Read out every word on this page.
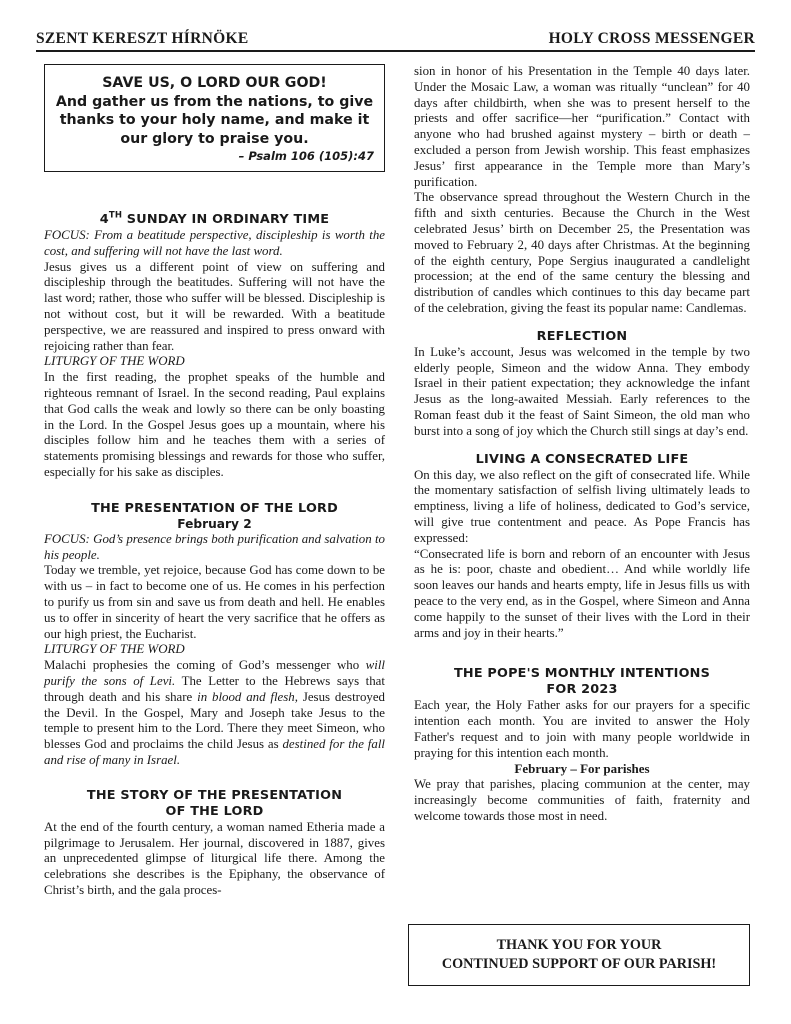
SZENT KERESZT HÍRNÖKE	HOLY CROSS MESSENGER
SAVE US, O LORD OUR GOD!
And gather us from the nations, to give thanks to your holy name, and make it our glory to praise you.
– Psalm 106 (105):47
4TH SUNDAY IN ORDINARY TIME

FOCUS: From a beatitude perspective, discipleship is worth the cost, and suffering will not have the last word.

Jesus gives us a different point of view on suffering and discipleship through the beatitudes. Suffering will not have the last word; rather, those who suffer will be blessed. Discipleship is not without cost, but it will be rewarded. With a beatitude perspective, we are reassured and inspired to press onward with rejoicing rather than fear.

LITURGY OF THE WORD

In the first reading, the prophet speaks of the humble and righteous remnant of Israel. In the second reading, Paul explains that God calls the weak and lowly so there can be only boasting in the Lord. In the Gospel Jesus goes up a mountain, where his disciples follow him and he teaches them with a series of statements promising blessings and rewards for those who suffer, especially for his sake as disciples.

THE PRESENTATION OF THE LORD
February 2

FOCUS: God’s presence brings both purification and salvation to his people.

Today we tremble, yet rejoice, because God has come down to be with us – in fact to become one of us. He comes in his perfection to purify us from sin and save us from death and hell. He enables us to offer in sincerity of heart the very sacrifice that he offers as our high priest, the Eucharist.

LITURGY OF THE WORD

Malachi prophesies the coming of God’s messenger who will purify the sons of Levi. The Letter to the Hebrews says that through death and his share in blood and flesh, Jesus destroyed the Devil. In the Gospel, Mary and Joseph take Jesus to the temple to present him to the Lord. There they meet Simeon, who blesses God and proclaims the child Jesus as destined for the fall and rise of many in Israel.

THE STORY OF THE PRESENTATION
OF THE LORD

At the end of the fourth century, a woman named Etheria made a pilgrimage to Jerusalem. Her journal, discovered in 1887, gives an unprecedented glimpse of liturgical life there. Among the celebrations she describes is the Epiphany, the observance of Christ’s birth, and the gala proces-

sion in honor of his Presentation in the Temple 40 days later. Under the Mosaic Law, a woman was ritually “unclean” for 40 days after childbirth, when she was to present herself to the priests and offer sacrifice—her “purification.” Contact with anyone who had brushed against mystery – birth or death – excluded a person from Jewish worship. This feast emphasizes Jesus’ first appearance in the Temple more than Mary’s purification.

The observance spread throughout the Western Church in the fifth and sixth centuries. Because the Church in the West celebrated Jesus’ birth on December 25, the Presentation was moved to February 2, 40 days after Christmas. At the beginning of the eighth century, Pope Sergius inaugurated a candlelight procession; at the end of the same century the blessing and distribution of candles which continues to this day became part of the celebration, giving the feast its popular name: Candlemas.

REFLECTION

In Luke’s account, Jesus was welcomed in the temple by two elderly people, Simeon and the widow Anna. They embody Israel in their patient expectation; they acknowledge the infant Jesus as the long-awaited Messiah. Early references to the Roman feast dub it the feast of Saint Simeon, the old man who burst into a song of joy which the Church still sings at day’s end.

LIVING A CONSECRATED LIFE

On this day, we also reflect on the gift of consecrated life. While the momentary satisfaction of selfish living ultimately leads to emptiness, living a life of holiness, dedicated to God’s service, will give true contentment and peace. As Pope Francis has expressed:

“Consecrated life is born and reborn of an encounter with Jesus as he is: poor, chaste and obedient… And while worldly life soon leaves our hands and hearts empty, life in Jesus fills us with peace to the very end, as in the Gospel, where Simeon and Anna come happily to the sunset of their lives with the Lord in their arms and joy in their hearts.”

THE POPE'S MONTHLY INTENTIONS
FOR 2023

Each year, the Holy Father asks for our prayers for a specific intention each month. You are invited to answer the Holy Father's request and to join with many people worldwide in praying for this intention each month.

February – For parishes

We pray that parishes, placing communion at the center, may increasingly become communities of faith, fraternity and welcome towards those most in need.

THANK YOU FOR YOUR
CONTINUED SUPPORT OF OUR PARISH!
